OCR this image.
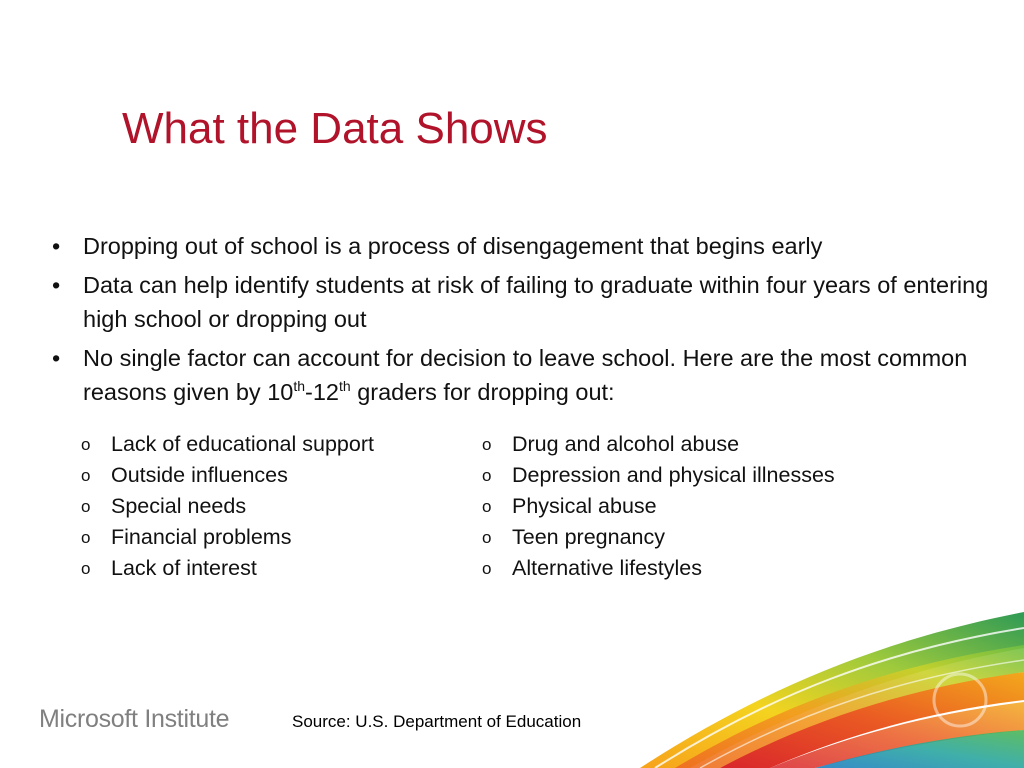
What the Data Shows
• Dropping out of school is a process of disengagement that begins early
• Data can help identify students at risk of failing to graduate within four years of entering high school or dropping out
• No single factor can account for decision to leave school. Here are the most common reasons given by 10th-12th graders for dropping out:
o Lack of educational support
o Outside influences
o Special needs
o Financial problems
o Lack of interest
o Drug and alcohol abuse
o Depression and physical illnesses
o Physical abuse
o Teen pregnancy
o Alternative lifestyles
Microsoft Institute	Source: U.S. Department of Education
